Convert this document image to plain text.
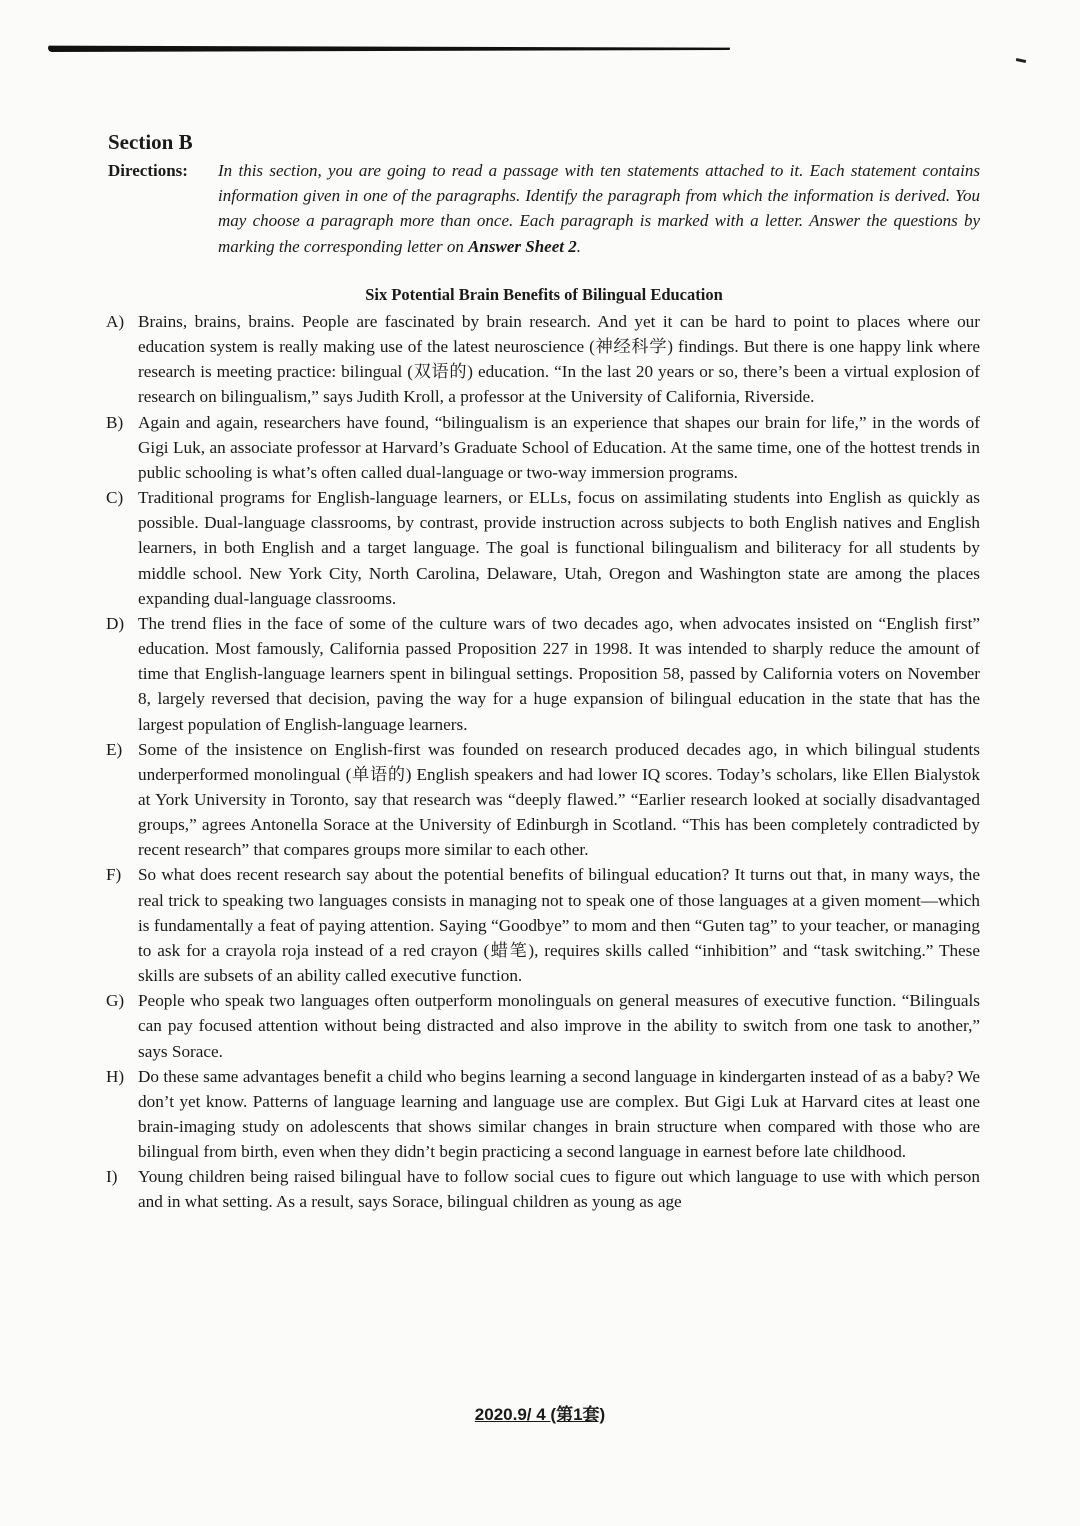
Section B
Directions: In this section, you are going to read a passage with ten statements attached to it. Each statement contains information given in one of the paragraphs. Identify the paragraph from which the information is derived. You may choose a paragraph more than once. Each paragraph is marked with a letter. Answer the questions by marking the corresponding letter on Answer Sheet 2.
Six Potential Brain Benefits of Bilingual Education
A) Brains, brains, brains. People are fascinated by brain research. And yet it can be hard to point to places where our education system is really making use of the latest neuroscience (神经科学) findings. But there is one happy link where research is meeting practice: bilingual (双语的) education. “In the last 20 years or so, there’s been a virtual explosion of research on bilingualism,” says Judith Kroll, a professor at the University of California, Riverside.
B) Again and again, researchers have found, “bilingualism is an experience that shapes our brain for life,” in the words of Gigi Luk, an associate professor at Harvard’s Graduate School of Education. At the same time, one of the hottest trends in public schooling is what’s often called dual-language or two-way immersion programs.
C) Traditional programs for English-language learners, or ELLs, focus on assimilating students into English as quickly as possible. Dual-language classrooms, by contrast, provide instruction across subjects to both English natives and English learners, in both English and a target language. The goal is functional bilingualism and biliteracy for all students by middle school. New York City, North Carolina, Delaware, Utah, Oregon and Washington state are among the places expanding dual-language classrooms.
D) The trend flies in the face of some of the culture wars of two decades ago, when advocates insisted on “English first” education. Most famously, California passed Proposition 227 in 1998. It was intended to sharply reduce the amount of time that English-language learners spent in bilingual settings. Proposition 58, passed by California voters on November 8, largely reversed that decision, paving the way for a huge expansion of bilingual education in the state that has the largest population of English-language learners.
E) Some of the insistence on English-first was founded on research produced decades ago, in which bilingual students underperformed monolingual (单语的) English speakers and had lower IQ scores. Today’s scholars, like Ellen Bialystok at York University in Toronto, say that research was “deeply flawed.” “Earlier research looked at socially disadvantaged groups,” agrees Antonella Sorace at the University of Edinburgh in Scotland. “This has been completely contradicted by recent research” that compares groups more similar to each other.
F) So what does recent research say about the potential benefits of bilingual education? It turns out that, in many ways, the real trick to speaking two languages consists in managing not to speak one of those languages at a given moment—which is fundamentally a feat of paying attention. Saying “Goodbye” to mom and then “Guten tag” to your teacher, or managing to ask for a crayola roja instead of a red crayon (蜡笔), requires skills called “inhibition” and “task switching.” These skills are subsets of an ability called executive function.
G) People who speak two languages often outperform monolinguals on general measures of executive function. “Bilinguals can pay focused attention without being distracted and also improve in the ability to switch from one task to another,” says Sorace.
H) Do these same advantages benefit a child who begins learning a second language in kindergarten instead of as a baby? We don’t yet know. Patterns of language learning and language use are complex. But Gigi Luk at Harvard cites at least one brain-imaging study on adolescents that shows similar changes in brain structure when compared with those who are bilingual from birth, even when they didn’t begin practicing a second language in earnest before late childhood.
I)	Young children being raised bilingual have to follow social cues to figure out which language to use with which person and in what setting. As a result, says Sorace, bilingual children as young as age
2020.9/ 4 (第1套)
